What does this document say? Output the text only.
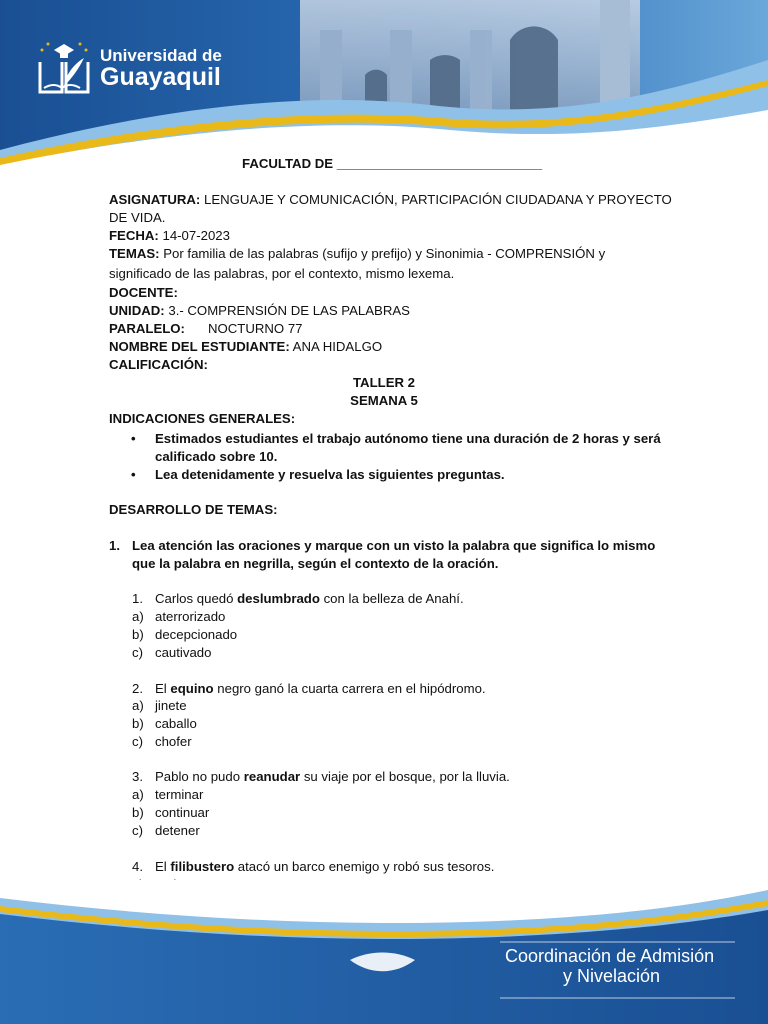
Universidad de
Guayaquil
FACULTAD DE ____________________________
ASIGNATURA: LENGUAJE Y COMUNICACIÓN, PARTICIPACIÓN CIUDADANA Y PROYECTO
DE VIDA.
FECHA: 14-07-2023
TEMAS: Por familia de las palabras (sufijo y prefijo) y Sinonimia - COMPRENSIÓN y
significado de las palabras, por el contexto, mismo lexema.
DOCENTE:
UNIDAD: 3.- COMPRENSIÓN DE LAS PALABRAS
PARALELO: NOCTURNO 77
NOMBRE DEL ESTUDIANTE: ANA HIDALGO
CALIFICACIÓN:
TALLER 2
SEMANA 5
INDICACIONES GENERALES:
• Estimados estudiantes el trabajo autónomo tiene una duración de 2 horas y será
calificado sobre 10.
• Lea detenidamente y resuelva las siguientes preguntas.
DESARROLLO DE TEMAS:
1. Lea atención las oraciones y marque con un visto la palabra que significa lo mismo
que la palabra en negrilla, según el contexto de la oración.
1. Carlos quedó deslumbrado con la belleza de Anahí.
a) aterrorizado
b) decepcionado
c) cautivado
2. El equino negro ganó la cuarta carrera en el hipódromo.
a) jinete
b) caballo
c) chofer
3. Pablo no pudo reanudar su viaje por el bosque, por la lluvia.
a) terminar
b) continuar
c) detener
4. El filibustero atacó un barco enemigo y robó sus tesoros.
Coordinación de Admisión
y Nivelación
